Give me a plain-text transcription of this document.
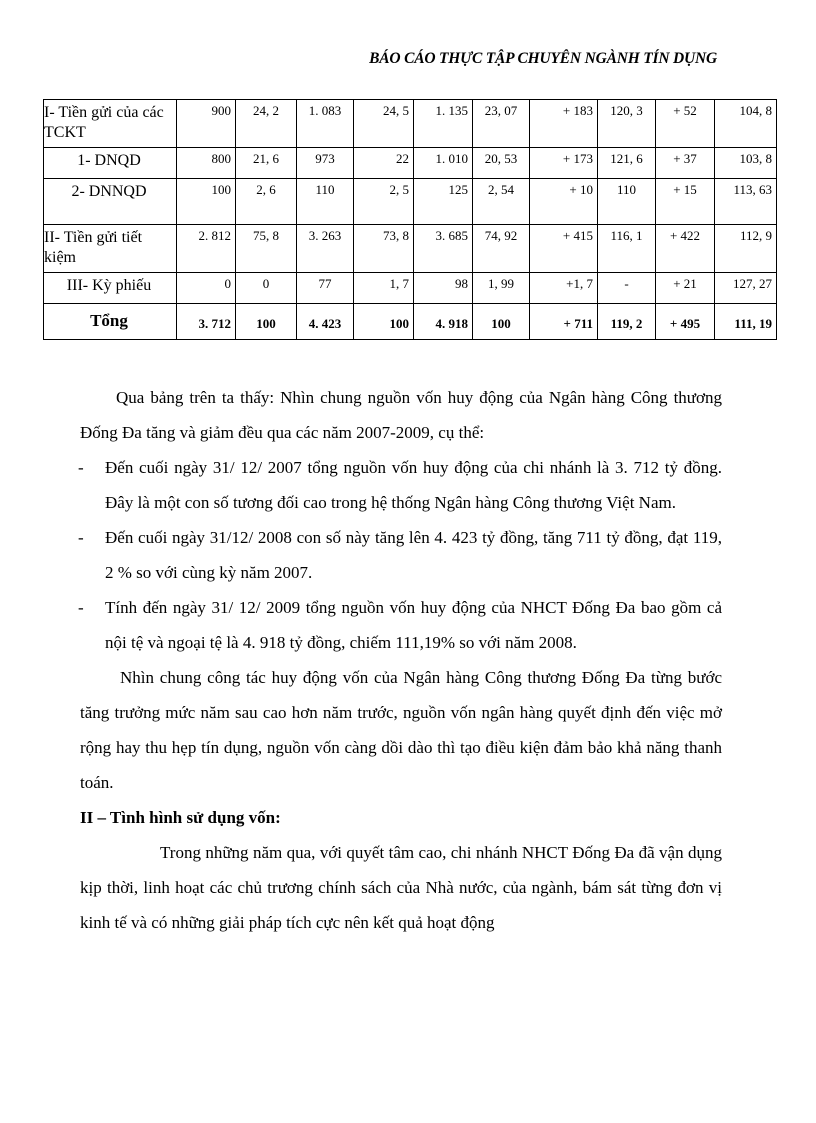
BÁO CÁO THỰC TẬP CHUYÊN NGÀNH TÍN DỤNG
I- Tiền gửi của các TCKT	900	24, 2	1. 083	24, 5	1. 135	23, 07	+ 183	120, 3	+ 52	104, 8
1- DNQD	800	21, 6	973	22	1. 010	20, 53	+ 173	121, 6	+ 37	103, 8
2- DNNQD	100	2, 6	110	2, 5	125	2, 54	+ 10	110	+ 15	113, 63
II- Tiền gửi tiết kiệm	2. 812	75, 8	3. 263	73, 8	3. 685	74, 92	+ 415	116, 1	+ 422	112, 9
III- Kỳ phiếu	0	0	77	1, 7	98	1, 99	+1, 7	-	+ 21	127, 27
Tổng	3. 712	100	4. 423	100	4. 918	100	+ 711	119, 2	+ 495	111, 19

Qua bảng trên ta thấy: Nhìn chung nguồn vốn huy động của Ngân hàng Công thương Đống Đa tăng và giảm đều qua các năm 2007-2009, cụ thể:

- Đến cuối ngày 31/ 12/ 2007 tổng nguồn vốn huy động của chi nhánh là 3. 712 tỷ đồng. Đây là một con số tương đối cao trong hệ thống Ngân hàng Công thương Việt Nam.

- Đến cuối ngày 31/12/ 2008 con số này tăng lên 4. 423 tỷ đồng, tăng 711 tỷ đồng, đạt 119, 2 % so với cùng kỳ năm 2007.

- Tính đến ngày 31/ 12/ 2009 tổng nguồn vốn huy động của NHCT Đống Đa bao gồm cả nội tệ và ngoại tệ là 4. 918 tỷ đồng, chiếm 111,19% so với năm 2008.

Nhìn chung công tác huy động vốn của Ngân hàng Công thương Đống Đa từng bước tăng trưởng mức năm sau cao hơn năm trước, nguồn vốn ngân hàng quyết định đến việc mở rộng hay thu hẹp tín dụng, nguồn vốn càng dồi dào thì tạo điều kiện đảm bảo khả năng thanh toán.

II – Tình hình sử dụng vốn:

Trong những năm qua, với quyết tâm cao, chi nhánh NHCT Đống Đa đã vận dụng kịp thời, linh hoạt các chủ trương chính sách của Nhà nước, của ngành, bám sát từng đơn vị kinh tế và có những giải pháp tích cực nên kết quả hoạt động
